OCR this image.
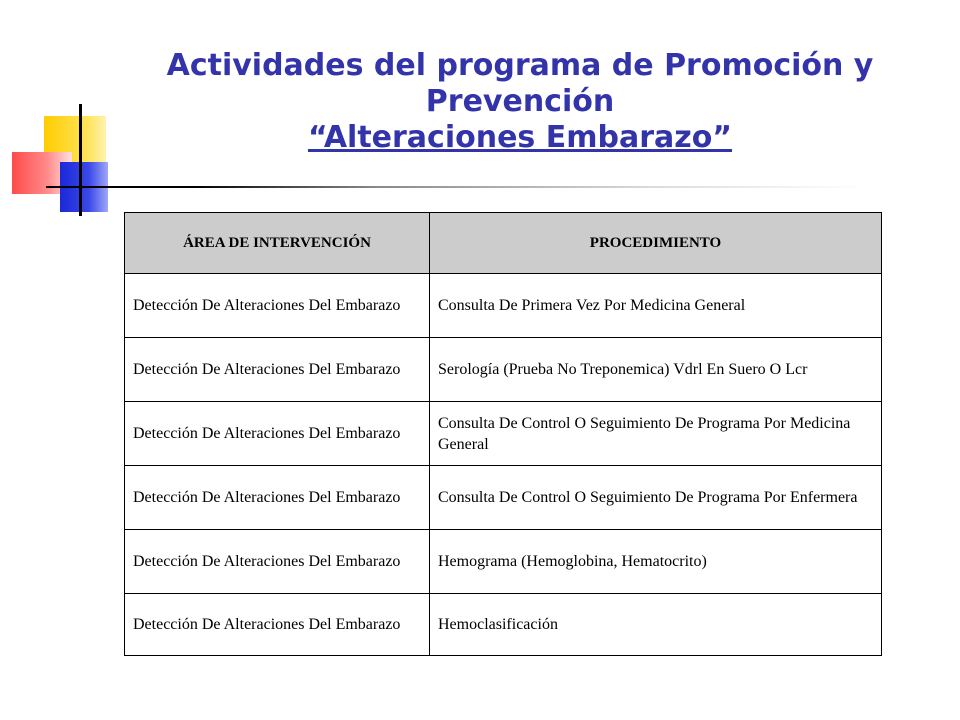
Actividades del programa de Promoción y Prevención
“Alteraciones Embarazo”
ÁREA DE INTERVENCIÓN	PROCEDIMIENTO
Detección De Alteraciones Del Embarazo	Consulta De Primera Vez Por Medicina General
Detección De Alteraciones Del Embarazo	Serología (Prueba No Treponemica) Vdrl En Suero O Lcr
Detección De Alteraciones Del Embarazo	Consulta De Control O Seguimiento De Programa Por Medicina General
Detección De Alteraciones Del Embarazo	Consulta De Control O Seguimiento De Programa Por Enfermera
Detección De Alteraciones Del Embarazo	Hemograma (Hemoglobina, Hematocrito)
Detección De Alteraciones Del Embarazo	Hemoclasificación
